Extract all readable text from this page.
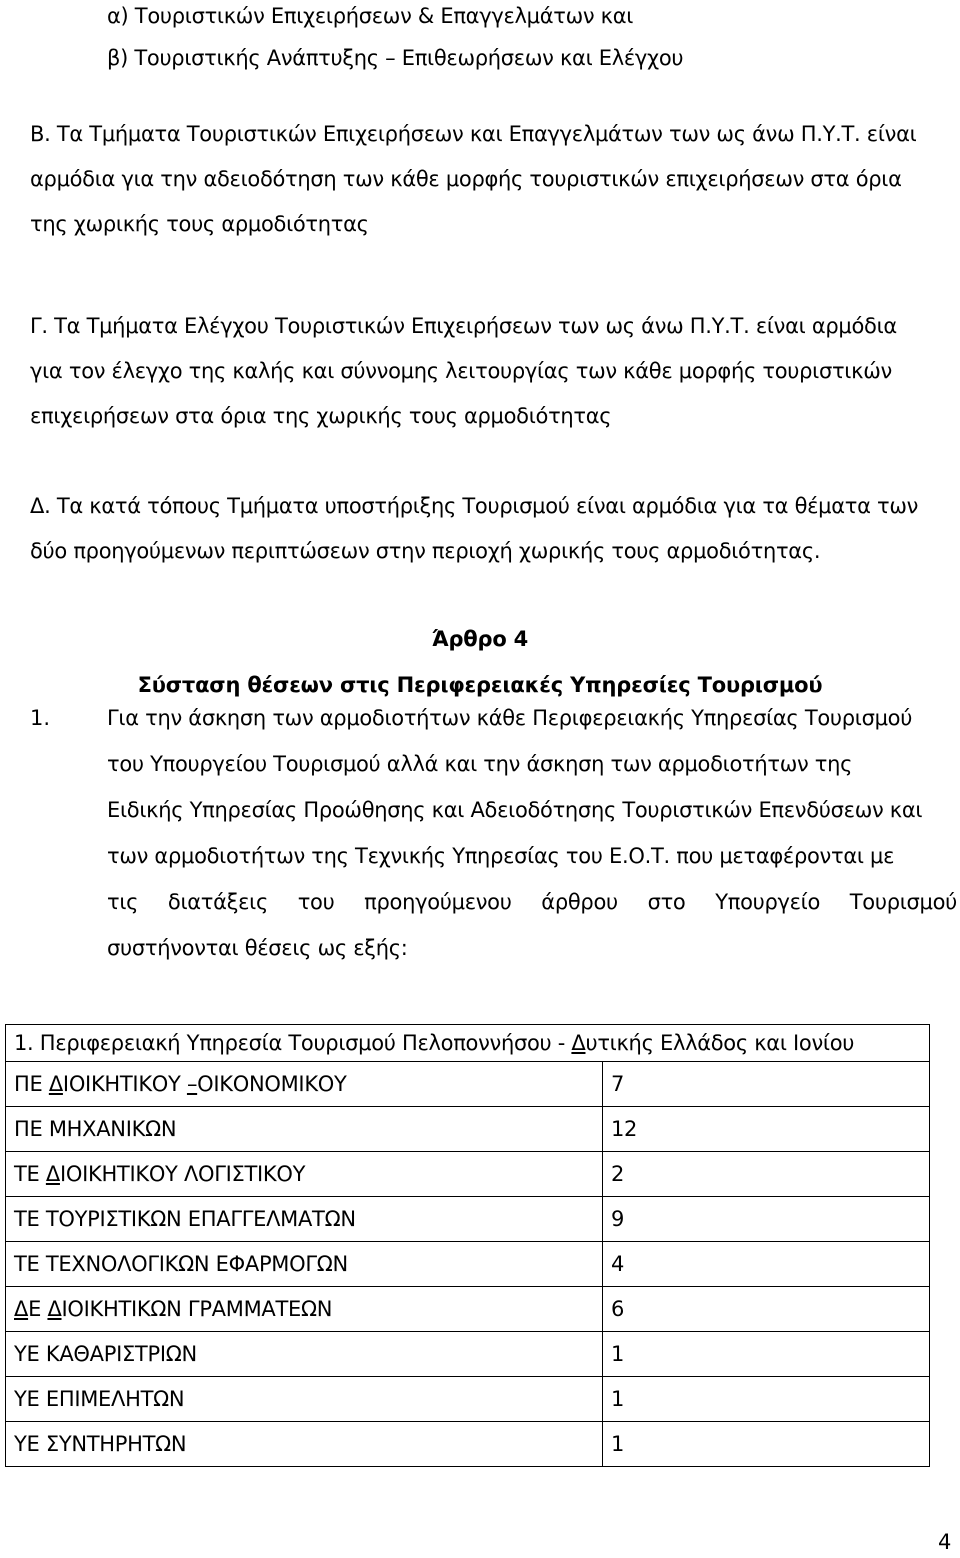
α) Τουριστικών Επιχειρήσεων & Επαγγελμάτων και
β) Τουριστικής Ανάπτυξης – Επιθεωρήσεων και Ελέγχου
Β. Τα Τμήματα Τουριστικών Επιχειρήσεων και Επαγγελμάτων των ως άνω Π.Υ.Τ. είναι
αρμόδια για την αδειοδότηση των κάθε μορφής τουριστικών επιχειρήσεων στα όρια
της χωρικής τους αρμοδιότητας
Γ. Τα Τμήματα Ελέγχου Τουριστικών Επιχειρήσεων των ως άνω Π.Υ.Τ. είναι αρμόδια
για τον έλεγχο της καλής και σύννομης λειτουργίας των κάθε μορφής τουριστικών
επιχειρήσεων στα όρια της χωρικής τους αρμοδιότητας
Δ. Τα κατά τόπους Τμήματα υποστήριξης Τουρισμού είναι αρμόδια για τα θέματα των
δύο προηγούμενων περιπτώσεων στην περιοχή χωρικής τους αρμοδιότητας.
Άρθρο 4
Σύσταση θέσεων στις Περιφερειακές Υπηρεσίες Τουρισμού
1.	Για την άσκηση των αρμοδιοτήτων κάθε Περιφερειακής Υπηρεσίας Τουρισμού
του Υπουργείου Τουρισμού αλλά και την άσκηση των αρμοδιοτήτων της
Ειδικής Υπηρεσίας Προώθησης και Αδειοδότησης Τουριστικών Επενδύσεων και
των αρμοδιοτήτων της Τεχνικής Υπηρεσίας του Ε.Ο.Τ. που μεταφέρονται με
τις διατάξεις του προηγούμενου άρθρου στο Υπουργείο Τουρισμού
συστήνονται θέσεις ως εξής:
1. Περιφερειακή Υπηρεσία Τουρισμού Πελοποννήσου - Δυτικής Ελλάδος και Ιονίου	
ΠΕ ΔΙΟΙΚΗΤΙΚΟΥ –ΟΙΚΟΝΟΜΙΚΟΥ	7
ΠΕ ΜΗΧΑΝΙΚΩΝ	12
ΤΕ ΔΙΟΙΚΗΤΙΚΟΥ ΛΟΓΙΣΤΙΚΟΥ	2
ΤΕ ΤΟΥΡΙΣΤΙΚΩΝ ΕΠΑΓΓΕΛΜΑΤΩΝ	9
ΤΕ ΤΕΧΝΟΛΟΓΙΚΩΝ ΕΦΑΡΜΟΓΩΝ	4
ΔΕ ΔΙΟΙΚΗΤΙΚΩΝ ΓΡΑΜΜΑΤΕΩΝ	6
ΥΕ ΚΑΘΑΡΙΣΤΡΙΩΝ	1
ΥΕ ΕΠΙΜΕΛΗΤΩΝ	1
ΥΕ ΣΥΝΤΗΡΗΤΩΝ	1
4
